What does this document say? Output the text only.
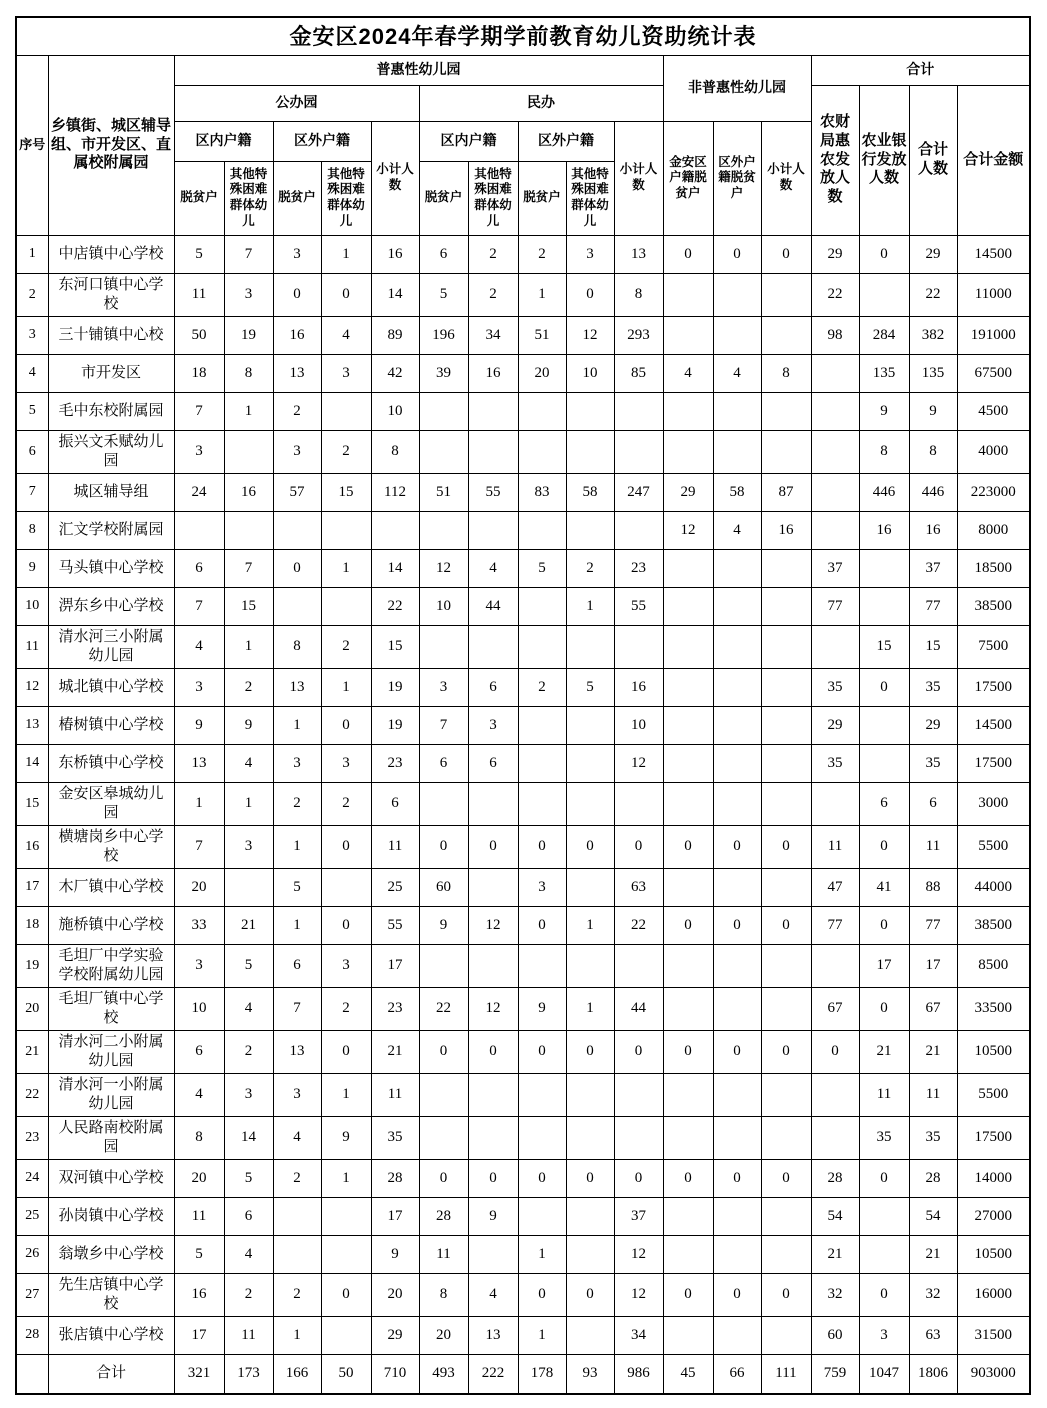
金安区2024年春学期学前教育幼儿资助统计表																		
序号	乡镇街、城区辅导组、市开发区、直属校附属园	普惠性幼儿园										非普惠性幼儿园			合计			
		公办园					民办								农财局惠农发放人数	农业银行发放人数	合计人数	合计金额
		区内户籍		区外户籍		小计人数	区内户籍		区外户籍		小计人数	金安区户籍脱贫户	区外户籍脱贫户	小计人数				
		脱贫户	其他特殊困难群体幼儿	脱贫户	其他特殊困难群体幼儿		脱贫户	其他特殊困难群体幼儿	脱贫户	其他特殊困难群体幼儿								
1	中店镇中心学校	5	7	3	1	16	6	2	2	3	13	0	0	0	29	0	29	14500
2	东河口镇中心学校	11	3	0	0	14	5	2	1	0	8				22		22	11000
3	三十铺镇中心校	50	19	16	4	89	196	34	51	12	293				98	284	382	191000
4	市开发区	18	8	13	3	42	39	16	20	10	85	4	4	8		135	135	67500
5	毛中东校附属园	7	1	2		10										9	9	4500
6	振兴文禾赋幼儿园	3		3	2	8										8	8	4000
7	城区辅导组	24	16	57	15	112	51	55	83	58	247	29	58	87		446	446	223000
8	汇文学校附属园											12	4	16		16	16	8000
9	马头镇中心学校	6	7	0	1	14	12	4	5	2	23				37		37	18500
10	淠东乡中心学校	7	15			22	10	44		1	55				77		77	38500
11	清水河三小附属幼儿园	4	1	8	2	15										15	15	7500
12	城北镇中心学校	3	2	13	1	19	3	6	2	5	16				35	0	35	17500
13	椿树镇中心学校	9	9	1	0	19	7	3			10				29		29	14500
14	东桥镇中心学校	13	4	3	3	23	6	6			12				35		35	17500
15	金安区皋城幼儿园	1	1	2	2	6										6	6	3000
16	横塘岗乡中心学校	7	3	1	0	11	0	0	0	0	0	0	0	0	11	0	11	5500
17	木厂镇中心学校	20		5		25	60		3		63				47	41	88	44000
18	施桥镇中心学校	33	21	1	0	55	9	12	0	1	22	0	0	0	77	0	77	38500
19	毛坦厂中学实验学校附属幼儿园	3	5	6	3	17										17	17	8500
20	毛坦厂镇中心学校	10	4	7	2	23	22	12	9	1	44				67	0	67	33500
21	清水河二小附属幼儿园	6	2	13	0	21	0	0	0	0	0	0	0	0	0	21	21	10500
22	清水河一小附属幼儿园	4	3	3	1	11										11	11	5500
23	人民路南校附属园	8	14	4	9	35										35	35	17500
24	双河镇中心学校	20	5	2	1	28	0	0	0	0	0	0	0	0	28	0	28	14000
25	孙岗镇中心学校	11	6			17	28	9			37				54		54	27000
26	翁墩乡中心学校	5	4			9	11		1		12				21		21	10500
27	先生店镇中心学校	16	2	2	0	20	8	4	0	0	12	0	0	0	32	0	32	16000
28	张店镇中心学校	17	11	1		29	20	13	1		34				60	3	63	31500
	合计	321	173	166	50	710	493	222	178	93	986	45	66	111	759	1047	1806	903000
